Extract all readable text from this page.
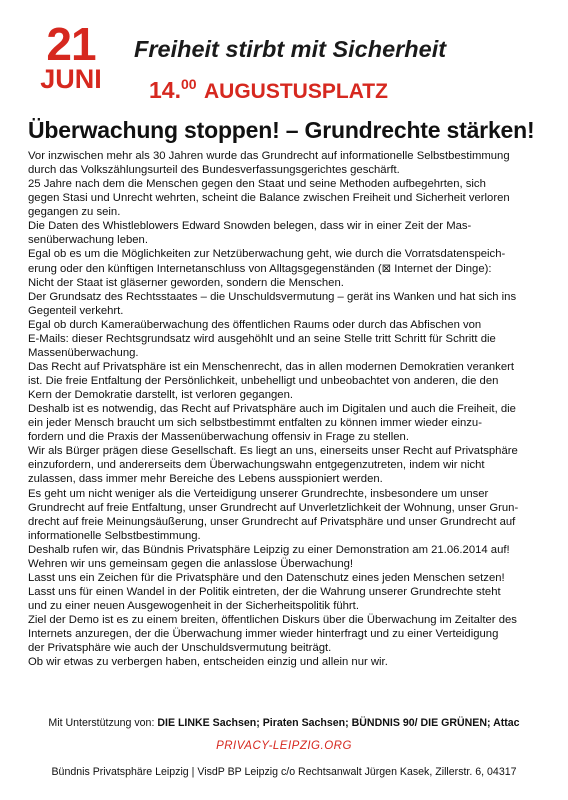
21
JUNI
Freiheit stirbt mit Sicherheit
14.00 AUGUSTUSPLATZ
Überwachung stoppen! – Grundrechte stärken!
Vor inzwischen mehr als 30 Jahren wurde das Grundrecht auf informationelle Selbstbestimmung
durch das Volkszählungsurteil des Bundesverfassungsgerichtes geschärft.
25 Jahre nach dem die Menschen gegen den Staat und seine Methoden aufbegehrten, sich
gegen Stasi und Unrecht wehrten, scheint die Balance zwischen Freiheit und Sicherheit verloren
gegangen zu sein.
Die Daten des Whistleblowers Edward Snowden belegen, dass wir in einer Zeit der Mas-
senüberwachung leben.
Egal ob es um die Möglichkeiten zur Netzüberwachung geht, wie durch die Vorratsdatenspeich-
erung oder den künftigen Internetanschluss von Alltagsgegenständen (⊠ Internet der Dinge):
Nicht der Staat ist gläserner geworden, sondern die Menschen.
Der Grundsatz des Rechtsstaates – die Unschuldsvermutung – gerät ins Wanken und hat sich ins
Gegenteil verkehrt.
Egal ob durch Kameraüberwachung des öffentlichen Raums oder durch das Abfischen von
E-Mails: dieser Rechtsgrundsatz wird ausgehöhlt und an seine Stelle tritt Schritt für Schritt die
Massenüberwachung.
Das Recht auf Privatsphäre ist ein Menschenrecht, das in allen modernen Demokratien verankert
ist. Die freie Entfaltung der Persönlichkeit, unbehelligt und unbeobachtet von anderen, die den
Kern der Demokratie darstellt, ist verloren gegangen.
Deshalb ist es notwendig, das Recht auf Privatsphäre auch im Digitalen und auch die Freiheit, die
ein jeder Mensch braucht um sich selbstbestimmt entfalten zu können immer wieder einzu-
fordern und die Praxis der Massenüberwachung offensiv in Frage zu stellen.
Wir als Bürger prägen diese Gesellschaft. Es liegt an uns, einerseits unser Recht auf Privatsphäre
einzufordern, und andererseits dem Überwachungswahn entgegenzutreten, indem wir nicht
zulassen, dass immer mehr Bereiche des Lebens ausspioniert werden.
Es geht um nicht weniger als die Verteidigung unserer Grundrechte, insbesondere um unser
Grundrecht auf freie Entfaltung, unser Grundrecht auf Unverletzlichkeit der Wohnung, unser Grun-
drecht auf freie Meinungsäußerung, unser Grundrecht auf Privatsphäre und unser Grundrecht auf
informationelle Selbstbestimmung.
Deshalb rufen wir, das Bündnis Privatsphäre Leipzig zu einer Demonstration am 21.06.2014 auf!
Wehren wir uns gemeinsam gegen die anlasslose Überwachung!
Lasst uns ein Zeichen für die Privatsphäre und den Datenschutz eines jeden Menschen setzen!
Lasst uns für einen Wandel in der Politik eintreten, der die Wahrung unserer Grundrechte steht
und zu einer neuen Ausgewogenheit in der Sicherheitspolitik führt.
Ziel der Demo ist es zu einem breiten, öffentlichen Diskurs über die Überwachung im Zeitalter des
Internets anzuregen, der die Überwachung immer wieder hinterfragt und zu einer Verteidigung
der Privatsphäre wie auch der Unschuldsvermutung beiträgt.
Ob wir etwas zu verbergen haben, entscheiden einzig und allein nur wir.
Mit Unterstützung von: DIE LINKE Sachsen; Piraten Sachsen; BÜNDNIS 90/ DIE GRÜNEN; Attac
PRIVACY-LEIPZIG.ORG
Bündnis Privatsphäre Leipzig | VisdP BP Leipzig c/o Rechtsanwalt Jürgen Kasek, Zillerstr. 6, 04317
